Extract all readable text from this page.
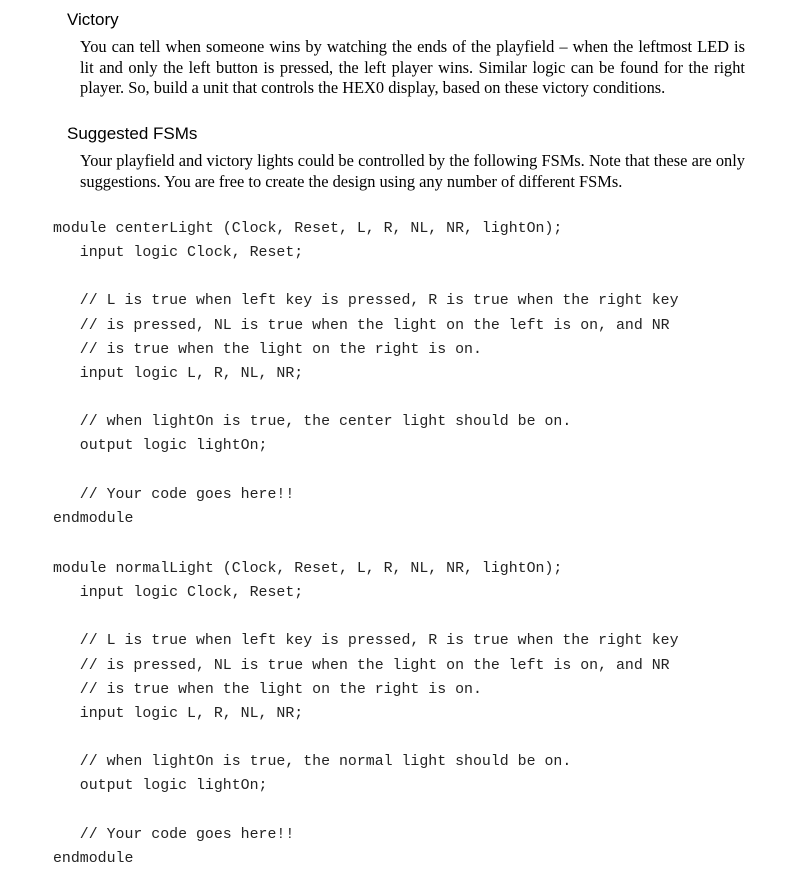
Victory
You can tell when someone wins by watching the ends of the playfield – when the leftmost LED is lit and only the left button is pressed, the left player wins. Similar logic can be found for the right player. So, build a unit that controls the HEX0 display, based on these victory conditions.
Suggested FSMs
Your playfield and victory lights could be controlled by the following FSMs. Note that these are only suggestions. You are free to create the design using any number of different FSMs.
module centerLight (Clock, Reset, L, R, NL, NR, lightOn);
input logic Clock, Reset;
// L is true when left key is pressed, R is true when the right key
// is pressed, NL is true when the light on the left is on, and NR
// is true when the light on the right is on.
input logic L, R, NL, NR;
// when lightOn is true, the center light should be on.
output logic lightOn;
// Your code goes here!!
endmodule
module normalLight (Clock, Reset, L, R, NL, NR, lightOn);
input logic Clock, Reset;
// L is true when left key is pressed, R is true when the right key
// is pressed, NL is true when the light on the left is on, and NR
// is true when the light on the right is on.
input logic L, R, NL, NR;
// when lightOn is true, the normal light should be on.
output logic lightOn;
// Your code goes here!!
endmodule
